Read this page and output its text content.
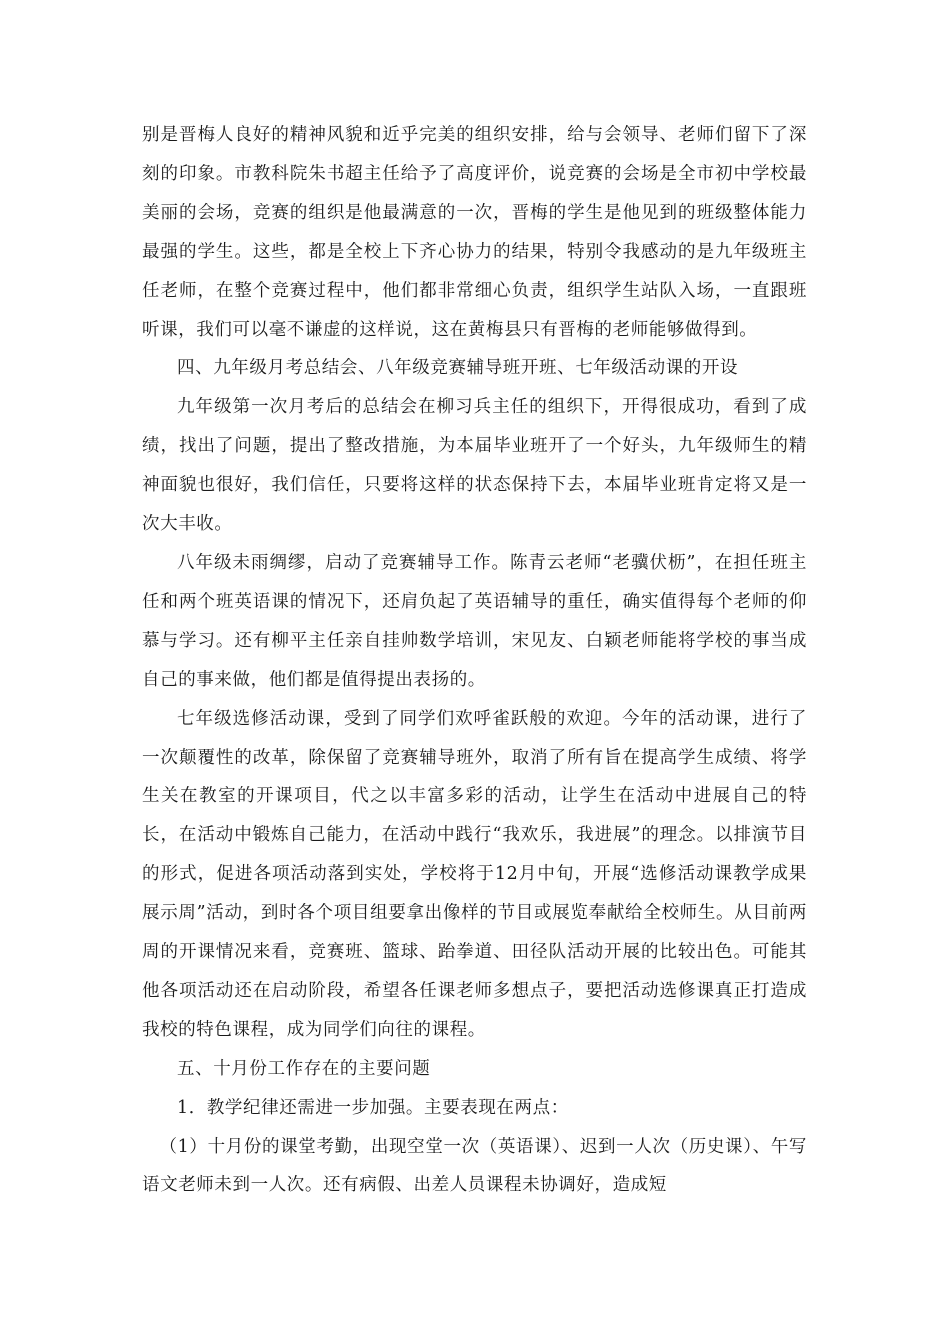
别是晋梅人良好的精神风貌和近乎完美的组织安排，给与会领导、老师们留下了深刻的印象。市教科院朱书超主任给予了高度评价，说竞赛的会场是全市初中学校最美丽的会场，竞赛的组织是他最满意的一次，晋梅的学生是他见到的班级整体能力最强的学生。这些，都是全校上下齐心协力的结果，特别令我感动的是九年级班主任老师，在整个竞赛过程中，他们都非常细心负责，组织学生站队入场，一直跟班听课，我们可以毫不谦虚的这样说，这在黄梅县只有晋梅的老师能够做得到。

四、九年级月考总结会、八年级竞赛辅导班开班、七年级活动课的开设

九年级第一次月考后的总结会在柳习兵主任的组织下，开得很成功，看到了成绩，找出了问题，提出了整改措施，为本届毕业班开了一个好头，九年级师生的精神面貌也很好，我们信任，只要将这样的状态保持下去，本届毕业班肯定将又是一次大丰收。

八年级未雨绸缪，启动了竞赛辅导工作。陈青云老师“老骥伏枥”，在担任班主任和两个班英语课的情况下，还肩负起了英语辅导的重任，确实值得每个老师的仰慕与学习。还有柳平主任亲自挂帅数学培训，宋见友、白颖老师能将学校的事当成自己的事来做，他们都是值得提出表扬的。

七年级选修活动课，受到了同学们欢呼雀跃般的欢迎。今年的活动课，进行了一次颠覆性的改革，除保留了竞赛辅导班外，取消了所有旨在提高学生成绩、将学生关在教室的开课项目，代之以丰富多彩的活动，让学生在活动中进展自己的特长，在活动中锻炼自己能力，在活动中践行“我欢乐，我进展”的理念。以排演节目的形式，促进各项活动落到实处，学校将于12月中旬，开展“选修活动课教学成果展示周”活动，到时各个项目组要拿出像样的节目或展览奉献给全校师生。从目前两周的开课情况来看，竞赛班、篮球、跆拳道、田径队活动开展的比较出色。可能其他各项活动还在启动阶段，希望各任课老师多想点子，要把活动选修课真正打造成我校的特色课程，成为同学们向往的课程。

五、十月份工作存在的主要问题

1．教学纪律还需进一步加强。主要表现在两点：

（1）十月份的课堂考勤，出现空堂一次（英语课）、迟到一人次（历史课）、午写语文老师未到一人次。还有病假、出差人员课程未协调好，造成短
